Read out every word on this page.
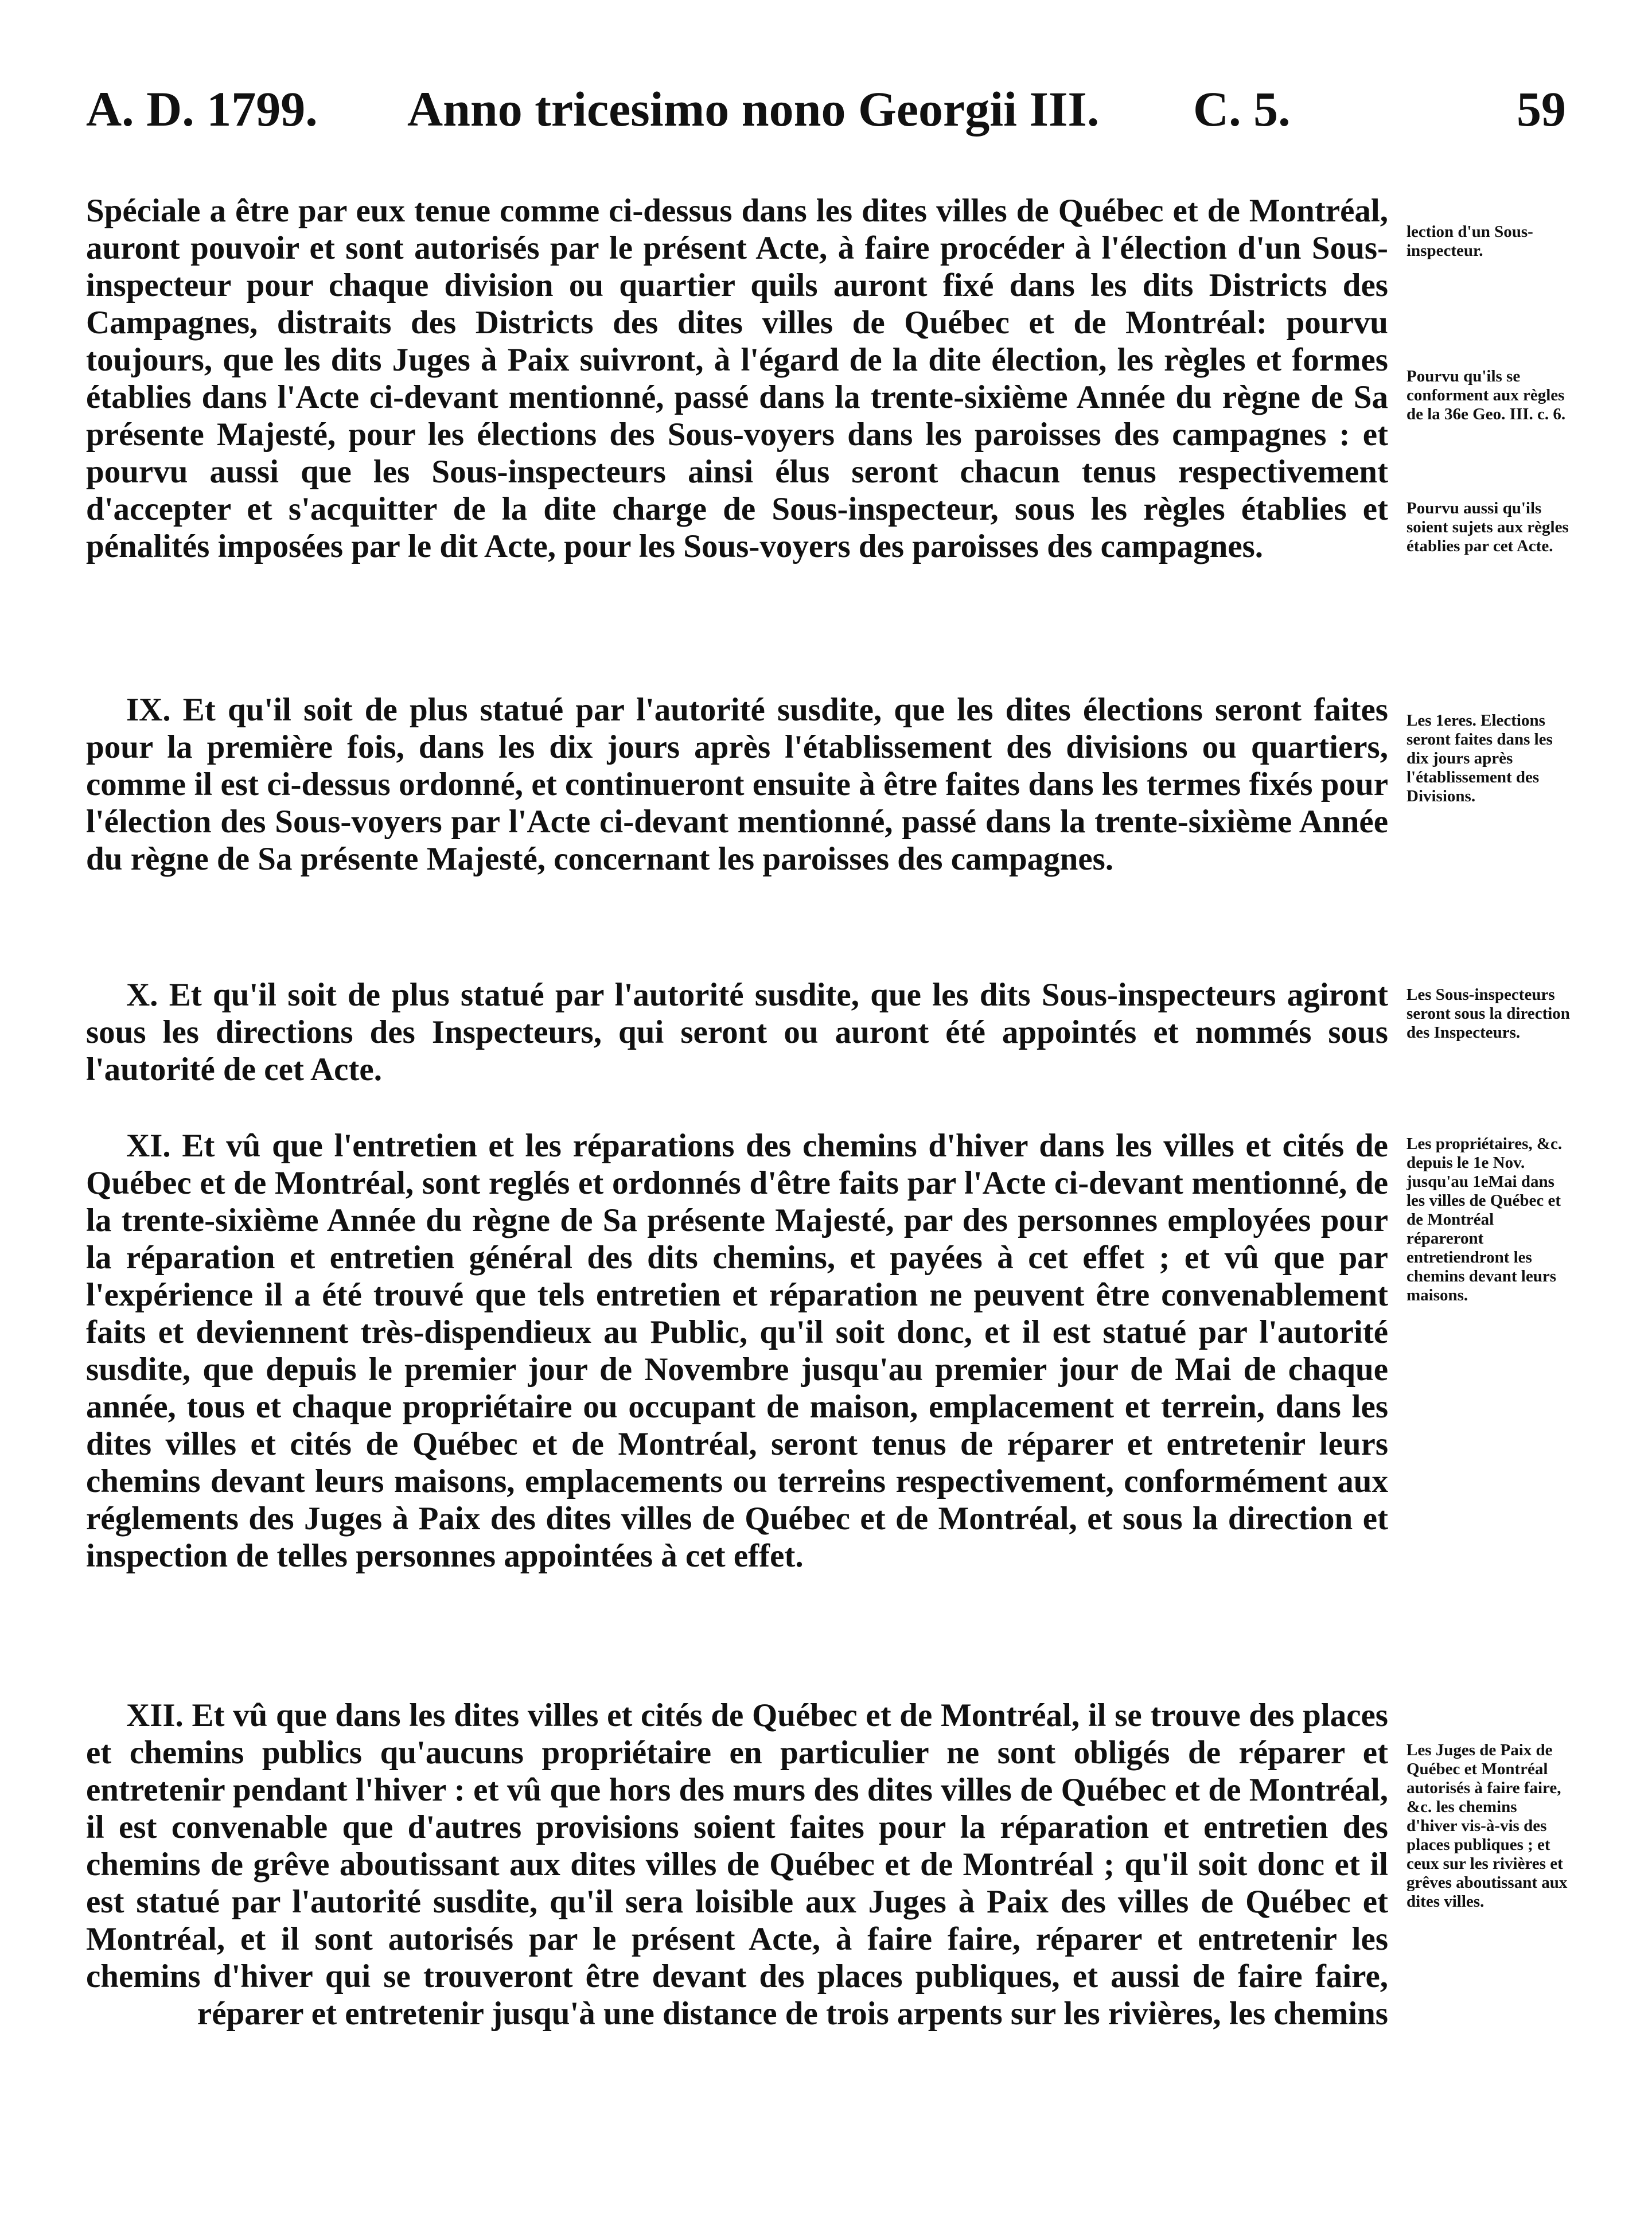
A. D. 1799. Anno tricesimo nono Georgii III. C. 5.	59

Spéciale a être par eux tenue comme ci-dessus dans les dites villes de Québec et de Montréal, auront pouvoir et sont autorisés par le présent Acte, à faire procéder à l'élection d'un Sous-inspecteur pour chaque division ou quartier quils auront fixé dans les dits Districts des Campagnes, distraits des Districts des dites villes de Québec et de Montréal: pourvu toujours, que les dits Juges à Paix suivront, à l'égard de la dite élection, les règles et formes établies dans l'Acte ci-devant mentionné, passé dans la trente-sixième Année du règne de Sa présente Majesté, pour les élections des Sous-voyers dans les paroisses des campagnes : et pourvu aussi que les Sous-inspecteurs ainsi élus seront chacun tenus respectivement d'accepter et s'acquitter de la dite charge de Sous-inspecteur, sous les règles établies et pénalités imposées par le dit Acte, pour les Sous-voyers des paroisses des campagnes.

IX. Et qu'il soit de plus statué par l'autorité susdite, que les dites élections seront faites pour la première fois, dans les dix jours après l'établissement des divisions ou quartiers, comme il est ci-dessus ordonné, et continueront ensuite à être faites dans les termes fixés pour l'élection des Sous-voyers par l'Acte ci-devant mentionné, passé dans la trente-sixième Année du règne de Sa présente Majesté, concernant les paroisses des campagnes.

X. Et qu'il soit de plus statué par l'autorité susdite, que les dits Sous-inspecteurs agiront sous les directions des Inspecteurs, qui seront ou auront été appointés et nommés sous l'autorité de cet Acte.

XI. Et vû que l'entretien et les réparations des chemins d'hiver dans les villes et cités de Québec et de Montréal, sont reglés et ordonnés d'être faits par l'Acte ci-devant mentionné, de la trente-sixième Année du règne de Sa présente Majesté, par des personnes employées pour la réparation et entretien général des dits chemins, et payées à cet effet ; et vû que par l'expérience il a été trouvé que tels entretien et réparation ne peuvent être convenablement faits et deviennent très-dispendieux au Public, qu'il soit donc, et il est statué par l'autorité susdite, que depuis le premier jour de Novembre jusqu'au premier jour de Mai de chaque année, tous et chaque propriétaire ou occupant de maison, emplacement et terrein, dans les dites villes et cités de Québec et de Montréal, seront tenus de réparer et entretenir leurs chemins devant leurs maisons, emplacements ou terreins respectivement, conformément aux réglements des Juges à Paix des dites villes de Québec et de Montréal, et sous la direction et inspection de telles personnes appointées à cet effet.

XII. Et vû que dans les dites villes et cités de Québec et de Montréal, il se trouve des places et chemins publics qu'aucuns propriétaire en particulier ne sont obligés de réparer et entretenir pendant l'hiver : et vû que hors des murs des dites villes de Québec et de Montréal, il est convenable que d'autres provisions soient faites pour la réparation et entretien des chemins de grêve aboutissant aux dites villes de Québec et de Montréal ; qu'il soit donc et il est statué par l'autorité susdite, qu'il sera loisible aux Juges à Paix des villes de Québec et Montréal, et il sont autorisés par le présent Acte, à faire faire, réparer et entretenir les chemins d'hiver qui se trouveront être devant des places publiques, et aussi de faire faire, réparer et entretenir jusqu'à une distance de trois arpents sur les rivières, les chemins

lection d'un Sous-inspecteur.

Pourvu qu'ils se conforment aux règles de la 36e Geo. III. c. 6.

Pourvu aussi qu'ils soient sujets aux règles établies par cet Acte.

Les 1eres. Elections seront faites dans les dix jours après l'établissement des Divisions.

Les Sous-inspecteurs seront sous la direction des Inspecteurs.

Les propriétaires, &c. depuis le 1e Nov. jusqu'au 1eMai dans les villes de Québec et de Montréal répareront entretiendront les chemins devant leurs maisons.

Les Juges de Paix de Québec et Montréal autorisés à faire faire, &c. les chemins d'hiver vis-à-vis des places publiques ; et ceux sur les rivières et grêves aboutissant aux dites villes.
